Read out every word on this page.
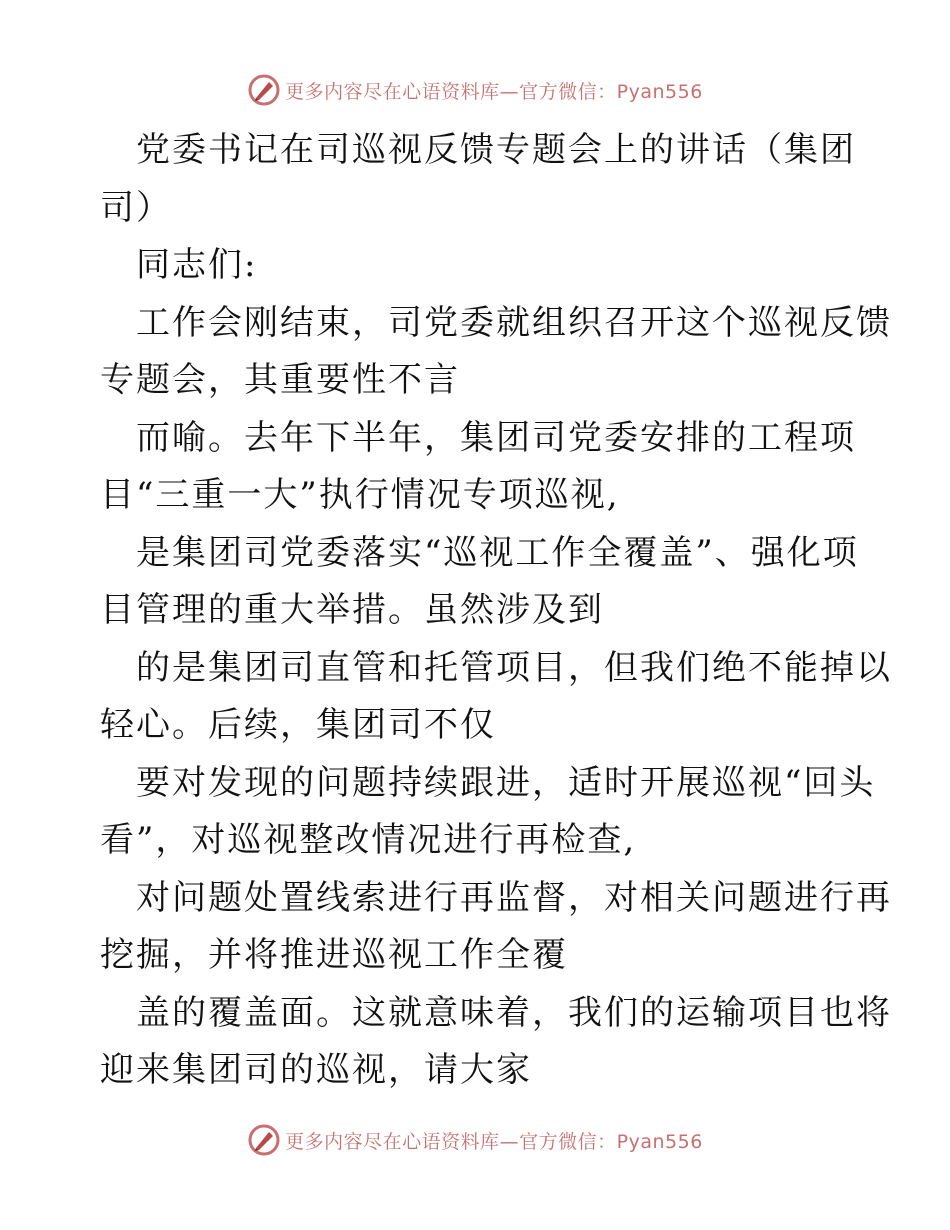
更多内容尽在心语资料库—官方微信：Pyan556
党委书记在司巡视反馈专题会上的讲话（集团
司）
同志们:
工作会刚结束，司党委就组织召开这个巡视反馈
专题会，其重要性不言
而喻。去年下半年，集团司党委安排的工程项
目“三重一大”执行情况专项巡视,
是集团司党委落实“巡视工作全覆盖”、强化项
目管理的重大举措。虽然涉及到
的是集团司直管和托管项目，但我们绝不能掉以
轻心。后续，集团司不仅
要对发现的问题持续跟进，适时开展巡视“回头
看”，对巡视整改情况进行再检查,
对问题处置线索进行再监督，对相关问题进行再
挖掘，并将推进巡视工作全覆
盖的覆盖面。这就意味着，我们的运输项目也将
迎来集团司的巡视，请大家
更多内容尽在心语资料库—官方微信：Pyan556
